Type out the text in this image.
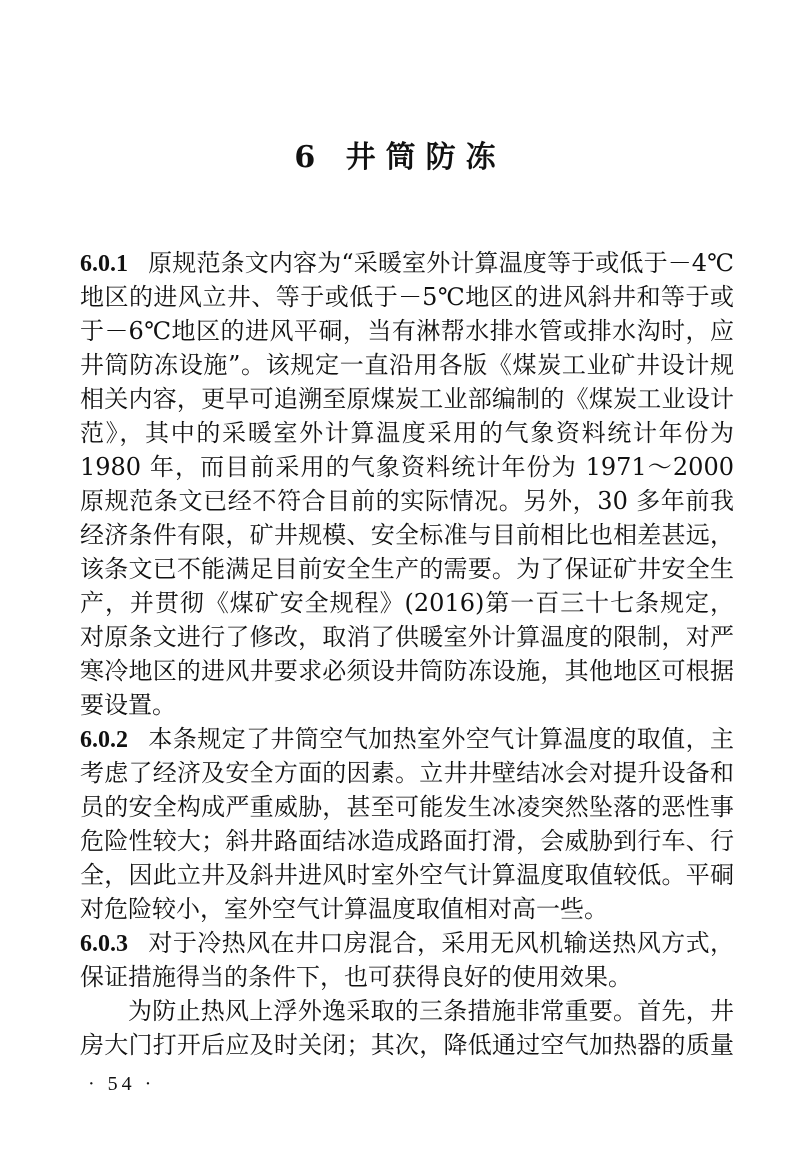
6 井筒防冻
6.0.1 原规范条文内容为“采暖室外计算温度等于或低于－4℃
地区的进风立井、等于或低于－5℃地区的进风斜井和等于或
于－6℃地区的进风平硐，当有淋帮水排水管或排水沟时，应
井筒防冻设施”。该规定一直沿用各版《煤炭工业矿井设计规
相关内容，更早可追溯至原煤炭工业部编制的《煤炭工业设计
范》，其中的采暖室外计算温度采用的气象资料统计年份为
1980 年，而目前采用的气象资料统计年份为 1971～2000
原规范条文已经不符合目前的实际情况。另外，30 多年前我
经济条件有限，矿井规模、安全标准与目前相比也相差甚远，
该条文已不能满足目前安全生产的需要。为了保证矿井安全生
产，并贯彻《煤矿安全规程》(2016)第一百三十七条规定，
对原条文进行了修改，取消了供暖室外计算温度的限制，对严
寒冷地区的进风井要求必须设井筒防冻设施，其他地区可根据
要设置。
6.0.2 本条规定了井筒空气加热室外空气计算温度的取值，主
考虑了经济及安全方面的因素。立井井壁结冰会对提升设备和
员的安全构成严重威胁，甚至可能发生冰凌突然坠落的恶性事
危险性较大；斜井路面结冰造成路面打滑，会威胁到行车、行
全，因此立井及斜井进风时室外空气计算温度取值较低。平硐
对危险较小，室外空气计算温度取值相对高一些。
6.0.3 对于冷热风在井口房混合，采用无风机输送热风方式，
保证措施得当的条件下，也可获得良好的使用效果。
为防止热风上浮外逸采取的三条措施非常重要。首先，井
房大门打开后应及时关闭；其次，降低通过空气加热器的质量
· 54 ·
